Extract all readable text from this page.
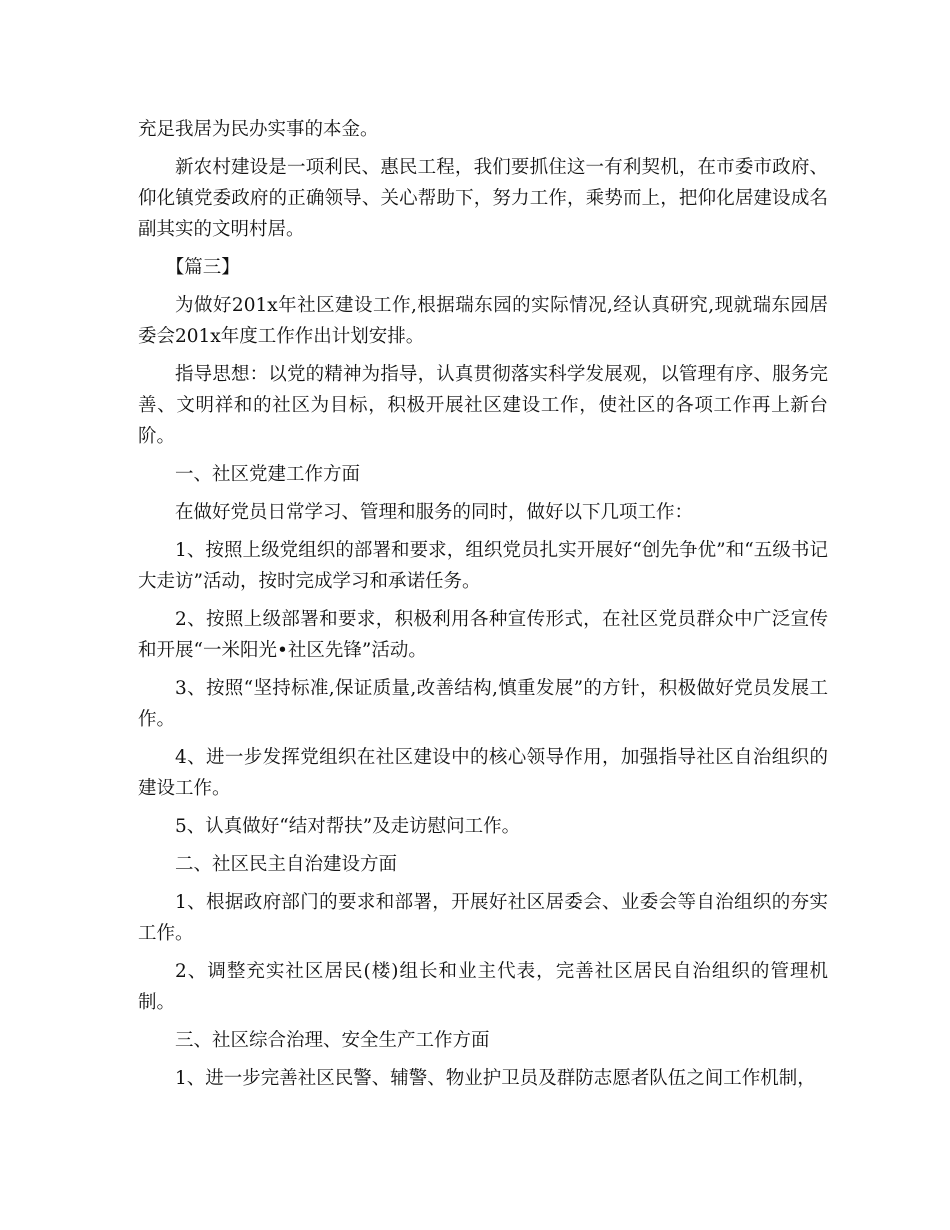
充足我居为民办实事的本金。

新农村建设是一项利民、惠民工程，我们要抓住这一有利契机，在市委市政府、仰化镇党委政府的正确领导、关心帮助下，努力工作，乘势而上，把仰化居建设成名副其实的文明村居。

【篇三】

为做好201x年社区建设工作,根据瑞东园的实际情况,经认真研究,现就瑞东园居委会201x年度工作作出计划安排。

指导思想：以党的精神为指导，认真贯彻落实科学发展观，以管理有序、服务完善、文明祥和的社区为目标，积极开展社区建设工作，使社区的各项工作再上新台阶。

一、社区党建工作方面

在做好党员日常学习、管理和服务的同时，做好以下几项工作：

1、按照上级党组织的部署和要求，组织党员扎实开展好“创先争优”和“五级书记大走访”活动，按时完成学习和承诺任务。

2、按照上级部署和要求，积极利用各种宣传形式，在社区党员群众中广泛宣传和开展“一米阳光•社区先锋”活动。

3、按照“坚持标准,保证质量,改善结构,慎重发展”的方针，积极做好党员发展工作。

4、进一步发挥党组织在社区建设中的核心领导作用，加强指导社区自治组织的建设工作。

5、认真做好“结对帮扶”及走访慰问工作。

二、社区民主自治建设方面

1、根据政府部门的要求和部署，开展好社区居委会、业委会等自治组织的夯实工作。

2、调整充实社区居民(楼)组长和业主代表，完善社区居民自治组织的管理机制。

三、社区综合治理、安全生产工作方面

1、进一步完善社区民警、辅警、物业护卫员及群防志愿者队伍之间工作机制，
